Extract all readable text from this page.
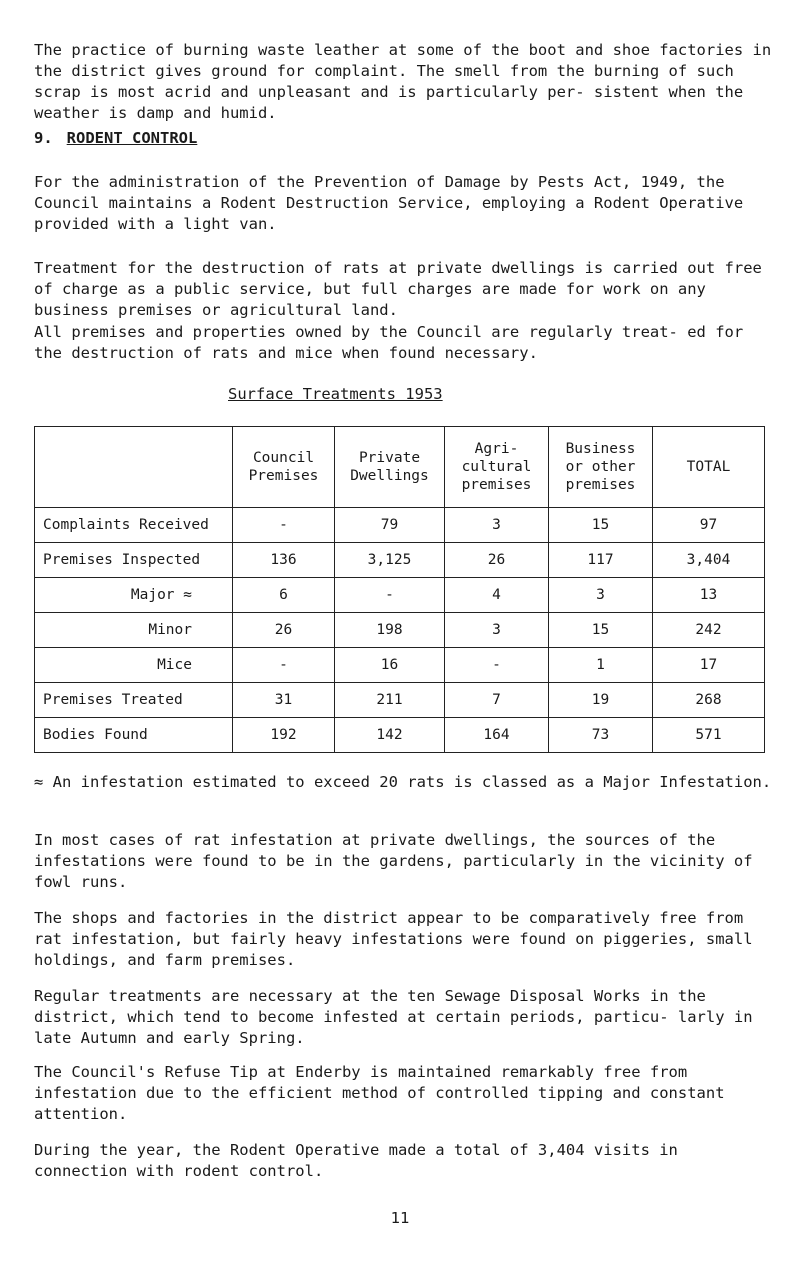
The practice of burning waste leather at some of the boot and shoe factories in the district gives ground for complaint. The smell from the burning of such scrap is most acrid and unpleasant and is particularly per- sistent when the weather is damp and humid.

9. RODENT CONTROL

For the administration of the Prevention of Damage by Pests Act, 1949, the Council maintains a Rodent Destruction Service, employing a Rodent Operative provided with a light van.

Treatment for the destruction of rats at private dwellings is carried out free of charge as a public service, but full charges are made for work on any business premises or agricultural land.

All premises and properties owned by the Council are regularly treat- ed for the destruction of rats and mice when found necessary.

Surface Treatments 1953

	Council Premises	Private Dwellings	Agri- cultural premises	Business or other premises	TOTAL
Complaints Received	-	79	3	15	97
Premises Inspected	136	3,125	26	117	3,404
Major ≈	6	-	4	3	13
Minor	26	198	3	15	242
Mice	-	16	-	1	17
Premises Treated	31	211	7	19	268
Bodies Found	192	142	164	73	571

≈ An infestation estimated to exceed 20 rats is classed as a Major Infestation.

In most cases of rat infestation at private dwellings, the sources of the infestations were found to be in the gardens, particularly in the vicinity of fowl runs.

The shops and factories in the district appear to be comparatively free from rat infestation, but fairly heavy infestations were found on piggeries, small holdings, and farm premises.

Regular treatments are necessary at the ten Sewage Disposal Works in the district, which tend to become infested at certain periods, particu- larly in late Autumn and early Spring.

The Council's Refuse Tip at Enderby is maintained remarkably free from infestation due to the efficient method of controlled tipping and constant attention.

During the year, the Rodent Operative made a total of 3,404 visits in connection with rodent control.

11
